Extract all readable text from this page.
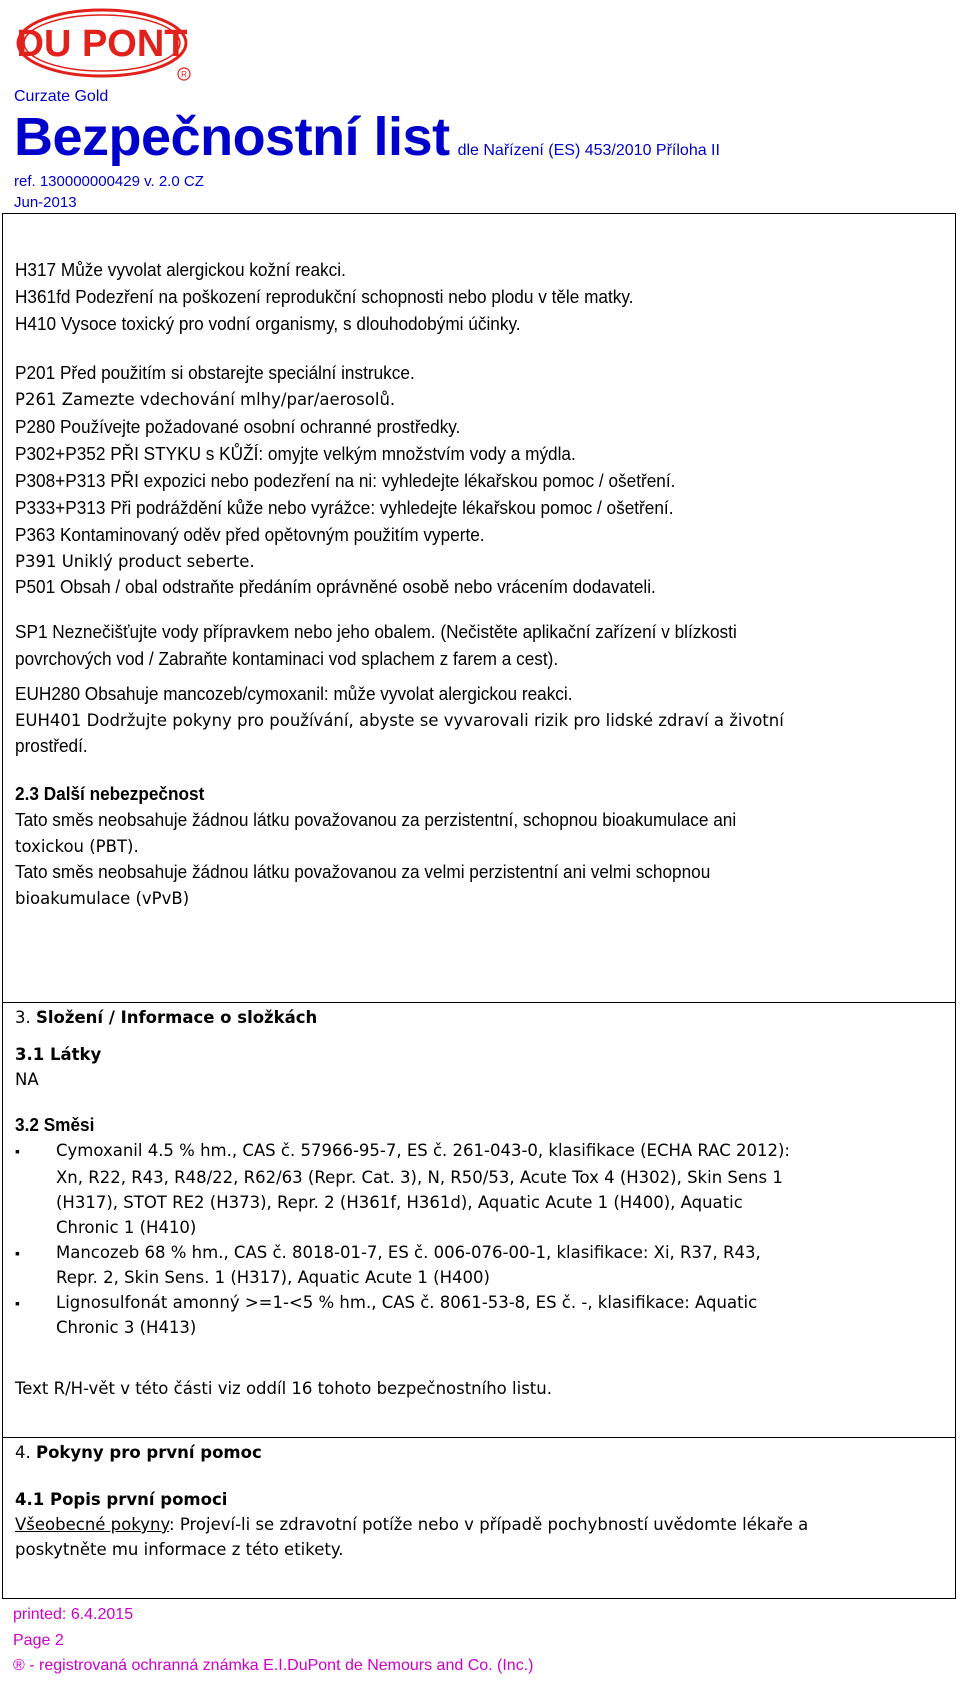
DU PONT
R
Curzate Gold
Bezpečnostní list dle Nařízení (ES) 453/2010 Příloha II
ref. 130000000429 v. 2.0 CZ
Jun-2013
H317 Může vyvolat alergickou kožní reakci.
H361fd Podezření na poškození reprodukční schopnosti nebo plodu v těle matky.
H410 Vysoce toxický pro vodní organismy, s dlouhodobými účinky.
P201 Před použitím si obstarejte speciální instrukce.
P261 Zamezte vdechování mlhy/par/aerosolů.
P280 Používejte požadované osobní ochranné prostředky.
P302+P352 PŘI STYKU s KŮŽÍ: omyjte velkým množstvím vody a mýdla.
P308+P313 PŘI expozici nebo podezření na ni: vyhledejte lékařskou pomoc / ošetření.
P333+P313 Při podráždění kůže nebo vyrážce: vyhledejte lékařskou pomoc / ošetření.
P363 Kontaminovaný oděv před opětovným použitím vyperte.
P391 Uniklý product seberte.
P501 Obsah / obal odstraňte předáním oprávněné osobě nebo vrácením dodavateli.
SP1 Neznečišťujte vody přípravkem nebo jeho obalem. (Nečistěte aplikační zařízení v blízkosti
povrchových vod / Zabraňte kontaminaci vod splachem z farem a cest).
EUH280 Obsahuje mancozeb/cymoxanil: může vyvolat alergickou reakci.
EUH401 Dodržujte pokyny pro používání, abyste se vyvarovali rizik pro lidské zdraví a životní
prostředí.
2.3 Další nebezpečnost
Tato směs neobsahuje žádnou látku považovanou za perzistentní, schopnou bioakumulace ani
toxickou (PBT).
Tato směs neobsahuje žádnou látku považovanou za velmi perzistentní ani velmi schopnou
bioakumulace (vPvB)
3. Složení / Informace o složkách
3.1 Látky
NA
3.2 Směsi
▪ Cymoxanil 4.5 % hm., CAS č. 57966-95-7, ES č. 261-043-0, klasifikace (ECHA RAC 2012):
Xn, R22, R43, R48/22, R62/63 (Repr. Cat. 3), N, R50/53, Acute Tox 4 (H302), Skin Sens 1
(H317), STOT RE2 (H373), Repr. 2 (H361f, H361d), Aquatic Acute 1 (H400), Aquatic
Chronic 1 (H410)
▪ Mancozeb 68 % hm., CAS č. 8018-01-7, ES č. 006-076-00-1, klasifikace: Xi, R37, R43,
Repr. 2, Skin Sens. 1 (H317), Aquatic Acute 1 (H400)
▪ Lignosulfonát amonný >=1-<5 % hm., CAS č. 8061-53-8, ES č. -, klasifikace: Aquatic
Chronic 3 (H413)
Text R/H-vět v této části viz oddíl 16 tohoto bezpečnostního listu.
4. Pokyny pro první pomoc
4.1 Popis první pomoci
Všeobecné pokyny: Projeví-li se zdravotní potíže nebo v případě pochybností uvědomte lékaře a
poskytněte mu informace z této etikety.
printed: 6.4.2015
Page 2
® - registrovaná ochranná známka E.I.DuPont de Nemours and Co. (Inc.)
